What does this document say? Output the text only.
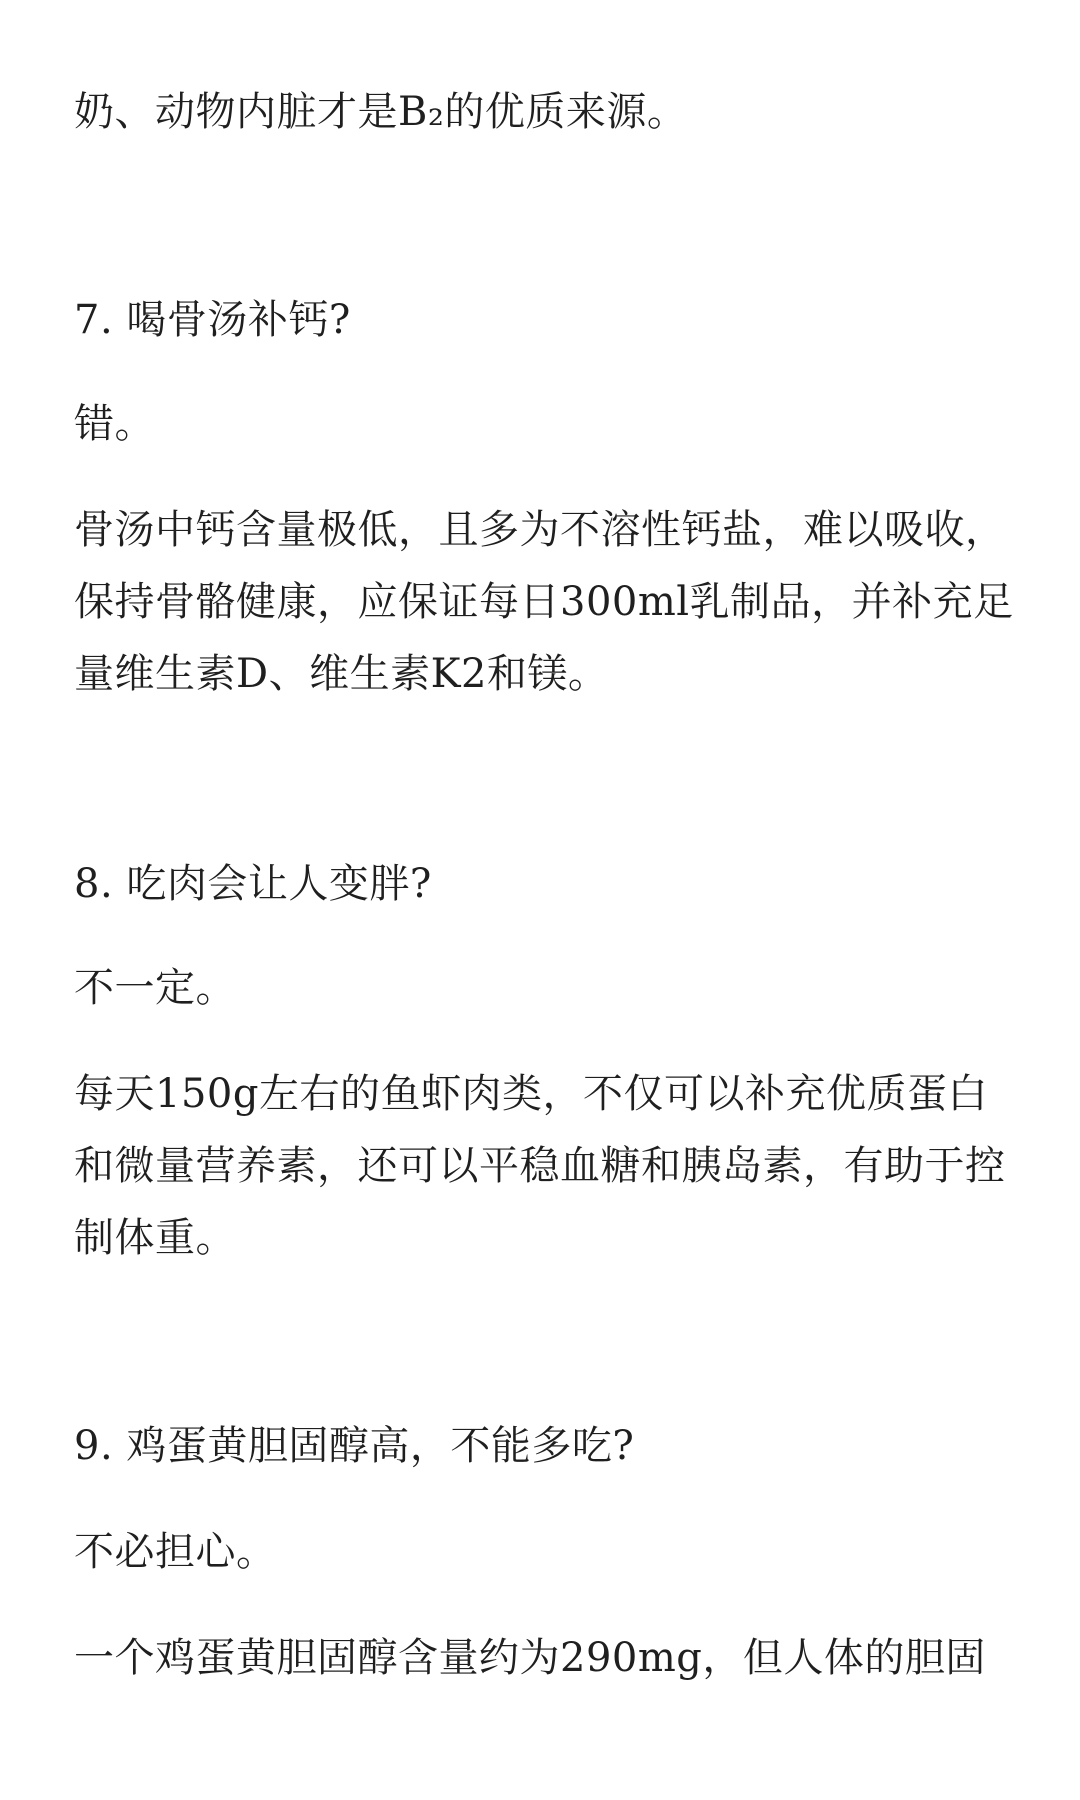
奶、动物内脏才是B₂的优质来源。

7. 喝骨汤补钙?

错。

骨汤中钙含量极低，且多为不溶性钙盐，难以吸收，保持骨骼健康，应保证每日300ml乳制品，并补充足量维生素D、维生素K2和镁。

8. 吃肉会让人变胖?

不一定。

每天150g左右的鱼虾肉类，不仅可以补充优质蛋白和微量营养素，还可以平稳血糖和胰岛素，有助于控制体重。

9. 鸡蛋黄胆固醇高，不能多吃?

不必担心。

一个鸡蛋黄胆固醇含量约为290mg，但人体的胆固
